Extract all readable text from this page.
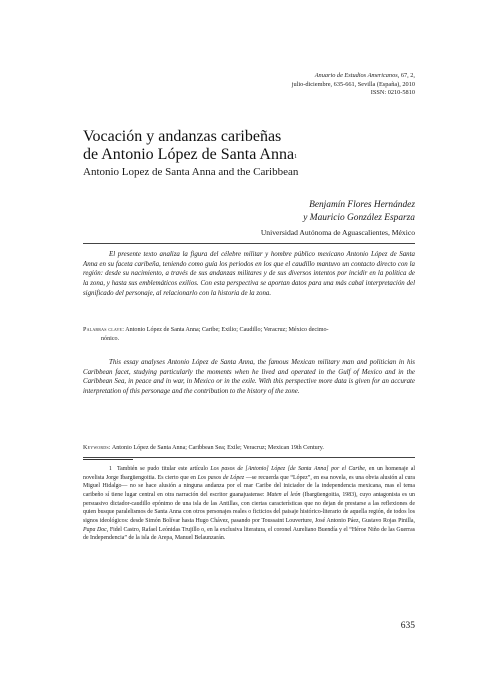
Anuario de Estudios Americanos, 67, 2,
julio-diciembre, 635-661, Sevilla (España), 2010
ISSN: 0210-5810
Vocación y andanzas caribeñas
de Antonio López de Santa Anna$^1$
Antonio Lopez de Santa Anna and the Caribbean
Benjamín Flores Hernández
y Mauricio González Esparza
Universidad Autónoma de Aguascalientes, México
El presente texto analiza la figura del célebre militar y hombre público mexicano Antonio López de Santa Anna en su faceta caribeña, teniendo como guía los periodos en los que el caudillo mantuvo un contacto directo con la región: desde su nacimiento, a través de sus andanzas militares y de sus diversos intentos por incidir en la política de la zona, y hasta sus emblemáticos exilios. Con esta perspectiva se aportan datos para una más cabal interpretación del significado del personaje, al relacionarlo con la historia de la zona.
Palabras clave: Antonio López de Santa Anna; Caribe; Exilio; Caudillo; Veracruz; México decimo-
nónico.
This essay analyses Antonio López de Santa Anna, the famous Mexican military man and politician in his Caribbean facet, studying particularly the moments when he lived and operated in the Gulf of Mexico and in the Caribbean Sea, in peace and in war, in Mexico or in the exile. With this perspective more data is given for an accurate interpretation of this personage and the contribution to the history of the zone.
Keywords: Antonio López de Santa Anna; Caribbean Sea; Exile; Veracruz; Mexican 19th Century.
1 También se pudo titular este artículo Los pasos de [Antonio] López [de Santa Anna] por el Caribe, en un homenaje al novelista Jorge Ibargüengoitia. Es cierto que en Los pasos de López —se recuerda que “López”, en esa novela, es una obvia alusión al cura Miguel Hidalgo— no se hace alusión a ninguna andanza por el mar Caribe del iniciador de la independencia mexicana, mas el tema caribeño sí tiene lugar central en otra narración del escritor guanajuatense: Maten al león (Ibargüengoitia, 1983), cuyo antagonista es un persuasivo dictador-caudillo epónimo de una isla de las Antillas, con ciertas características que no dejan de prestarse a las reflexiones de quien busque paralelismos de Santa Anna con otros personajes reales o ficticios del paisaje histórico-literario de aquella región, de todos los signos ideológicos: desde Simón Bolívar hasta Hugo Chávez, pasando por Toussaint Louverture, José Antonio Páez, Gustavo Rojas Pinilla, Papa Doc, Fidel Castro, Rafael Leónidas Trujillo o, en la exclusiva literatura, el coronel Aureliano Buendía y el “Héroe Niño de las Guerras de Independencia” de la isla de Arepa, Manuel Belaunzarán.
635
